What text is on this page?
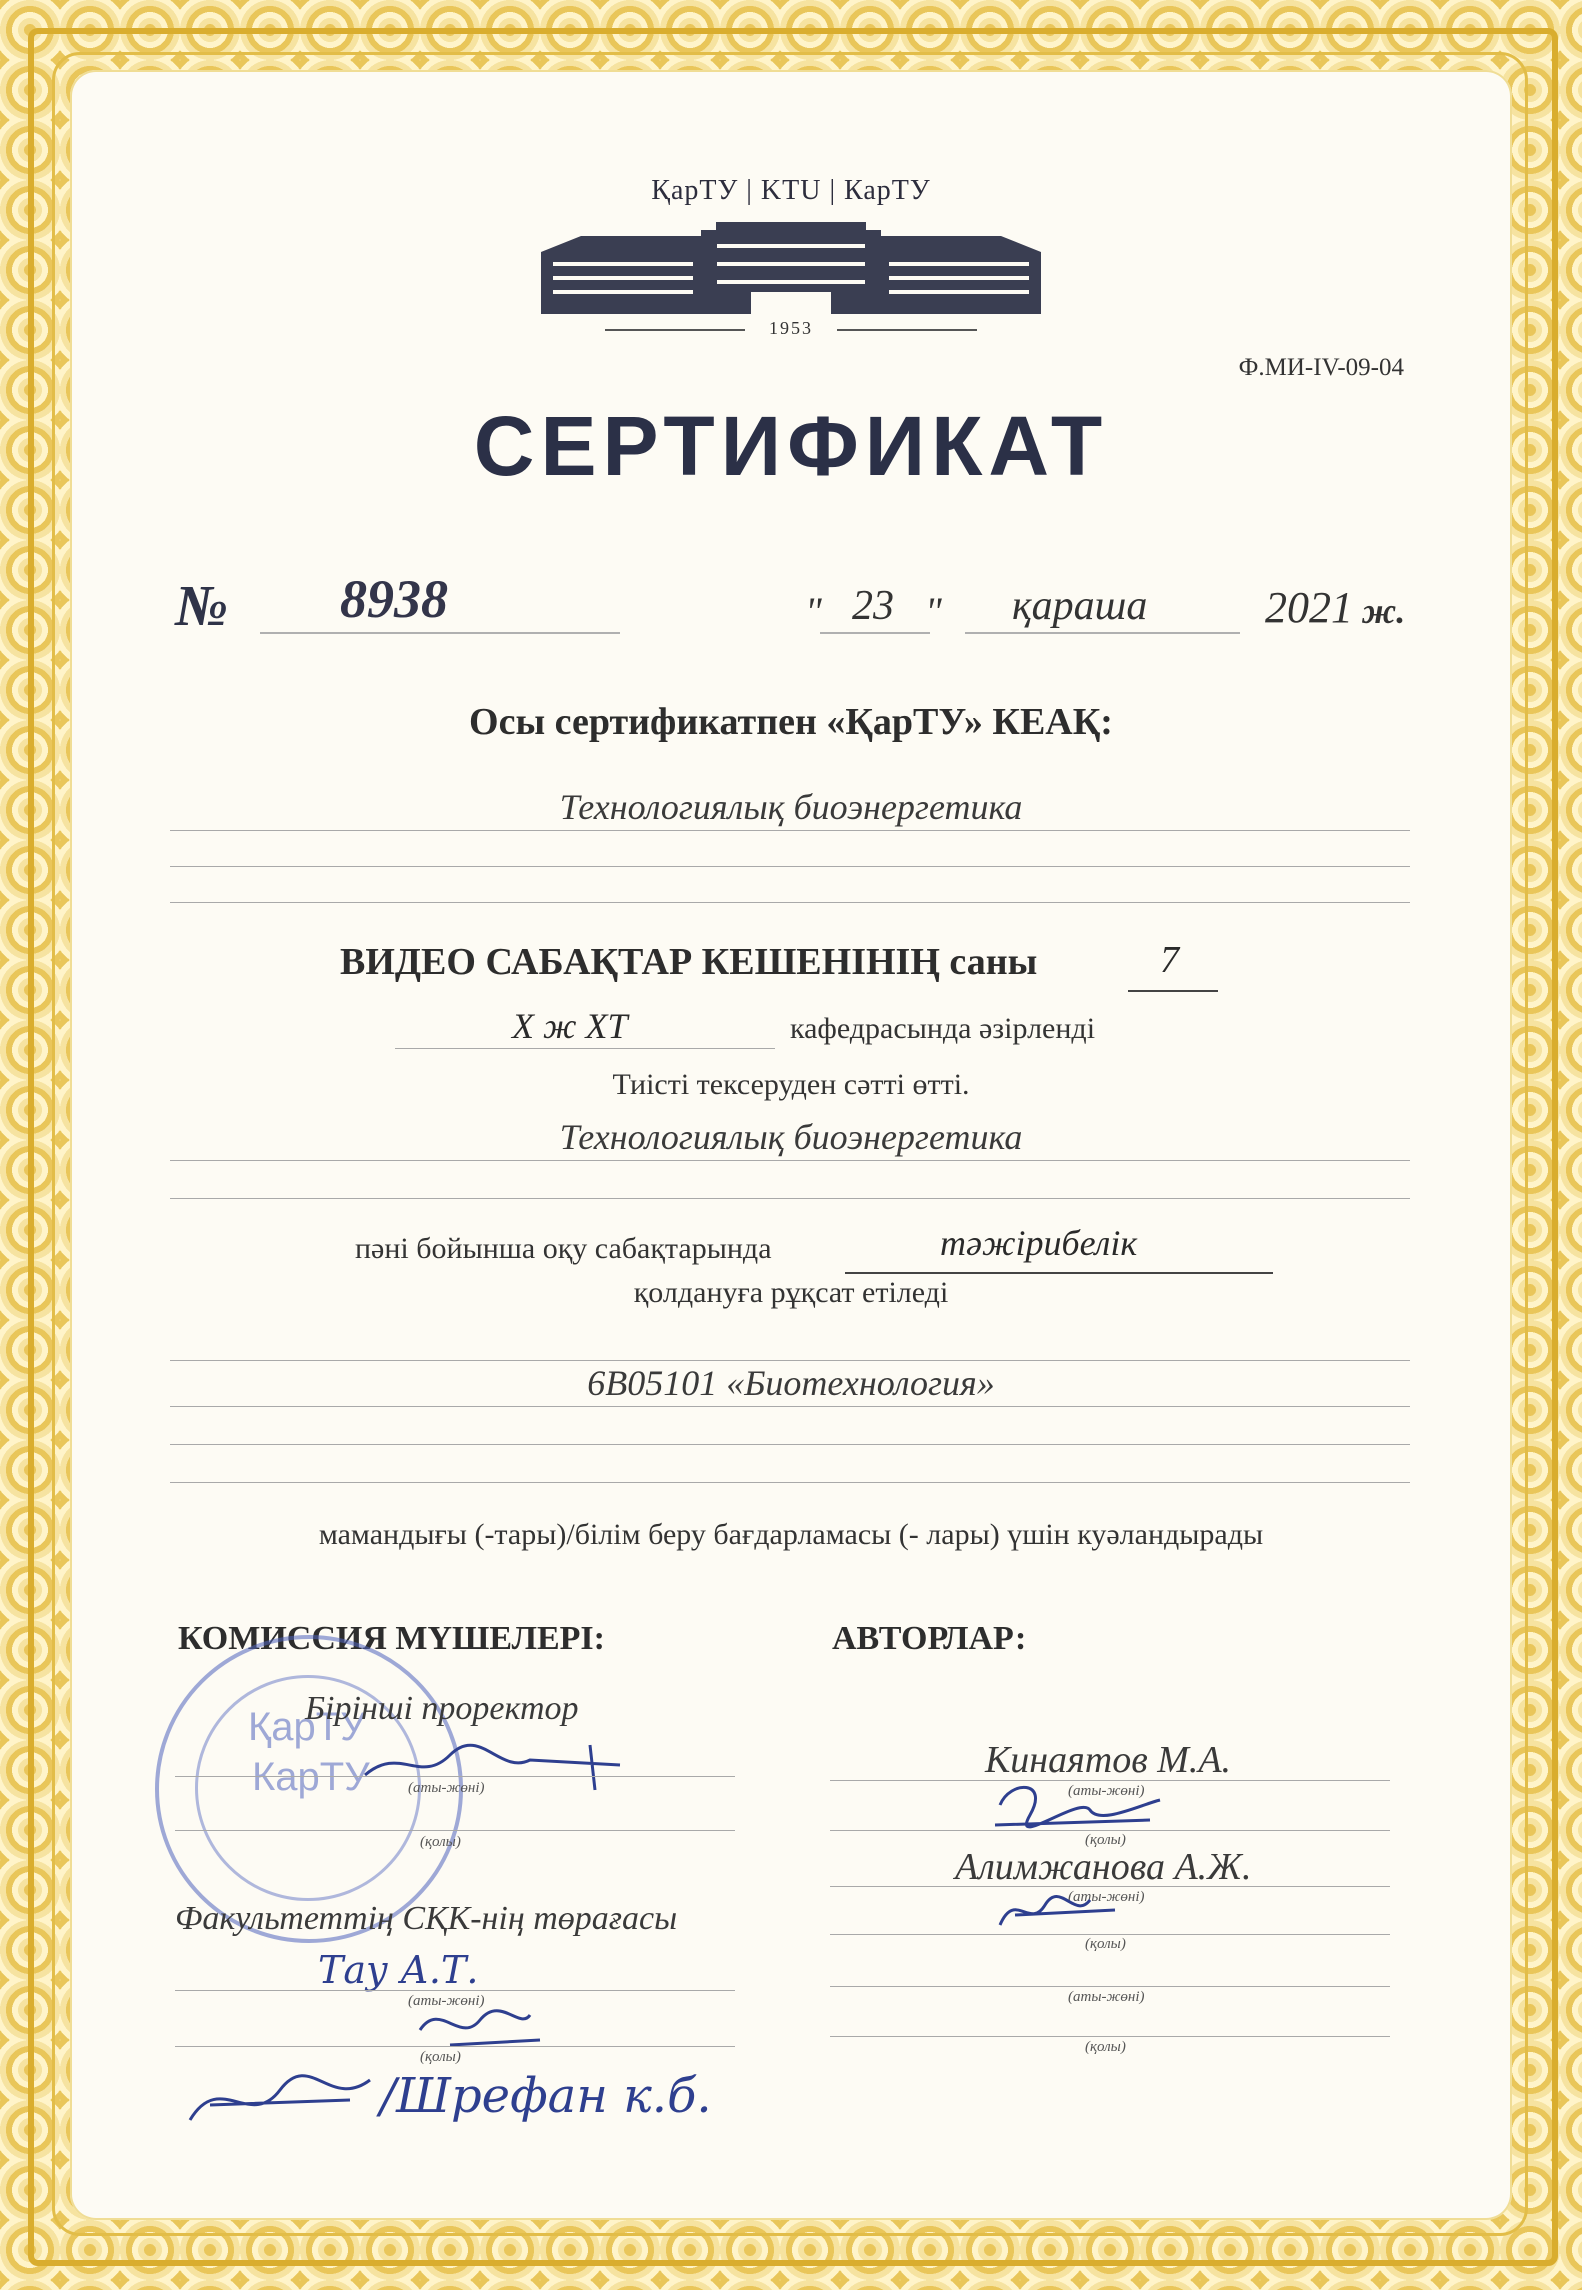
ҚарТУ | KTU | КарТУ
1953
Ф.МИ-IV-09-04
СЕРТИФИКАТ
№ 8938	" 23 " қараша	2021 ж.
Осы сертификатпен «ҚарТУ» КЕАҚ:
Технологиялық биоэнергетика
ВИДЕО САБАҚТАР КЕШЕНІНІҢ саны	7
Х ж ХТ	кафедрасында әзірленді
Тиісті тексеруден сәтті өтті.
Технологиялық биоэнергетика
пәні бойынша оқу сабақтарында	тәжірибелік
қолдануға рұқсат етіледі
6В05101 «Биотехнология»
мамандығы (-тары)/білім беру бағдарламасы (- лары) үшін куәландырады
КОМИССИЯ МҮШЕЛЕРІ:
ҚарТУ
КарТУ
Бірінші проректор
(аты-жөні)
(қолы)
Факультеттің СҚК-нің төрағасы
Тау А.Т.
(аты-жөні)
(қолы)
/Шрефан к.б.
АВТОРЛАР:
Кинаятов М.А.
(аты-жөні)
(қолы)
Алимжанова А.Ж.
(аты-жөні)
(қолы)
(аты-жөні)
(қолы)
